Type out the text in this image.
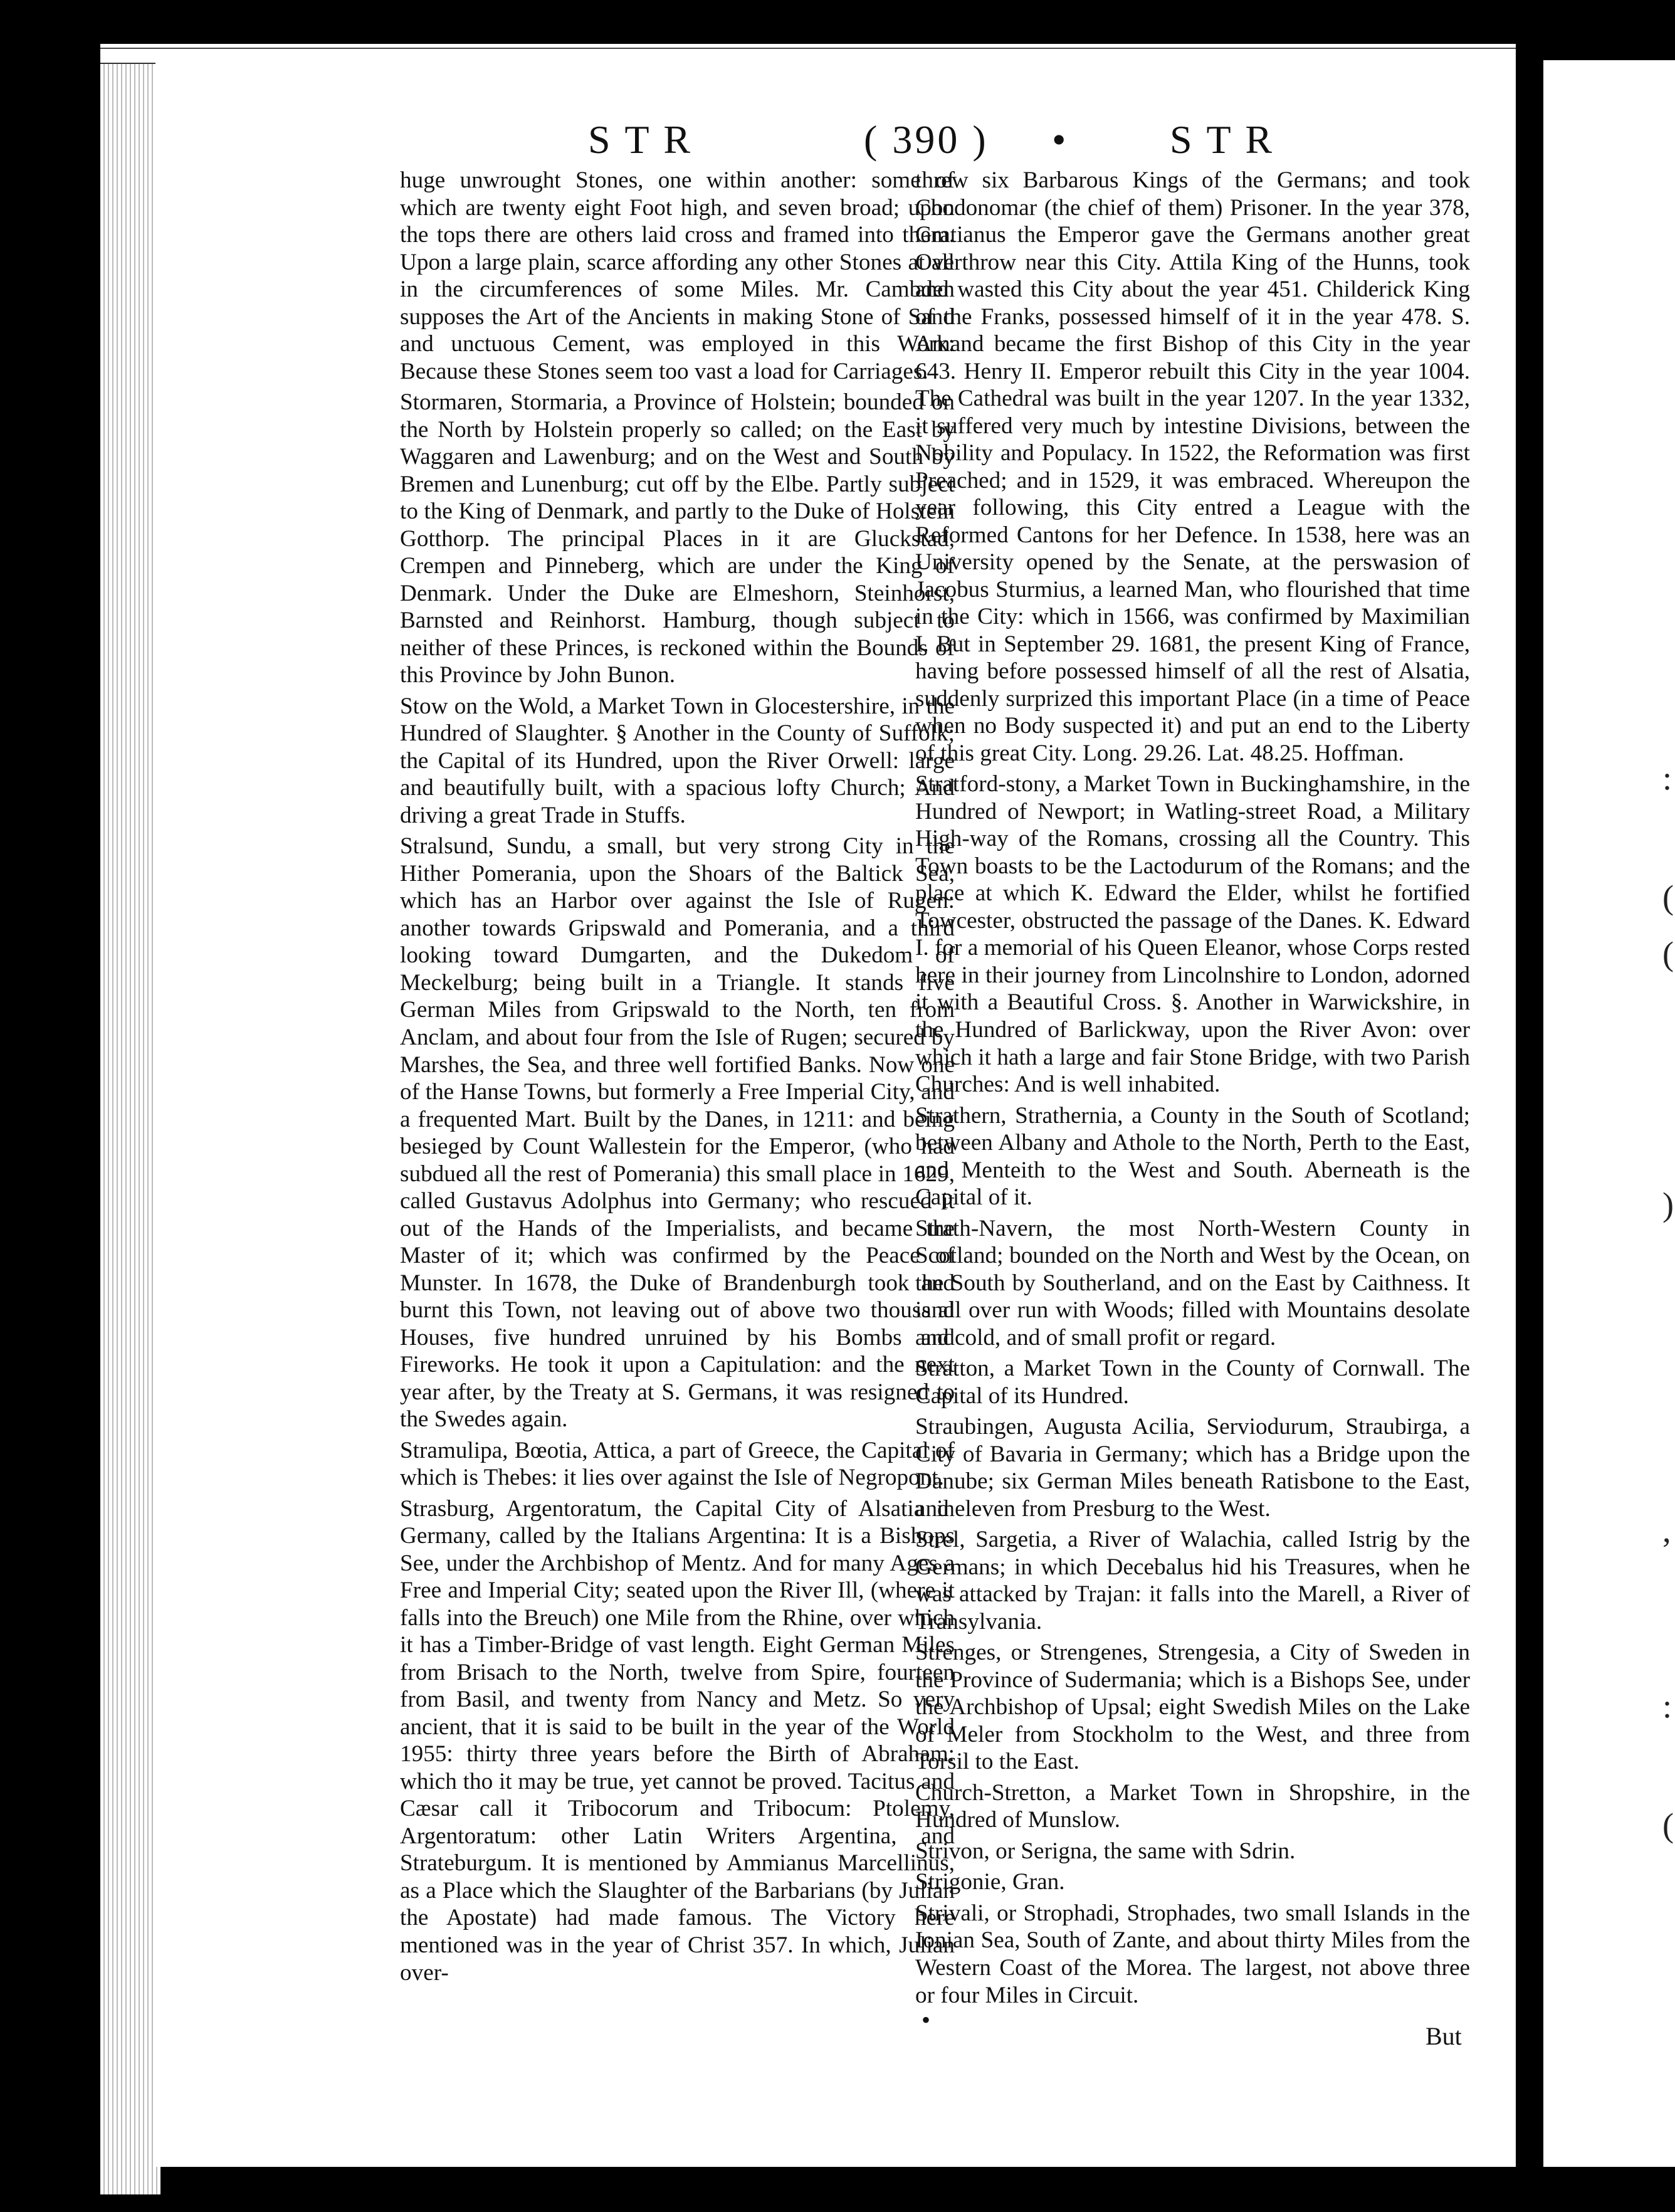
:
(
(
)
,
:
(
S T R	( 390 ) •	S T R

huge unwrought Stones, one within another: some of which are twenty eight Foot high, and seven broad; upon the tops there are others laid cross and framed into them. Upon a large plain, scarce affording any other Stones at all in the circumferences of some Miles. Mr. Cambden supposes the Art of the Ancients in making Stone of Sand and unctuous Cement, was employed in this Work: Because these Stones seem too vast a load for Carriages.

Stormaren, Stormaria, a Province of Holstein; bounded on the North by Holstein properly so called; on the East by Waggaren and Lawenburg; and on the West and South by Bremen and Lunenburg; cut off by the Elbe. Partly subject to the King of Denmark, and partly to the Duke of Holstein Gotthorp. The principal Places in it are Gluckstad, Crempen and Pinneberg, which are under the King of Denmark. Under the Duke are Elmeshorn, Steinhorst, Barnsted and Reinhorst. Hamburg, though subject to neither of these Princes, is reckoned within the Bounds of this Province by John Bunon.

Stow on the Wold, a Market Town in Glocestershire, in the Hundred of Slaughter. § Another in the County of Suffolk; the Capital of its Hundred, upon the River Orwell: large and beautifully built, with a spacious lofty Church; And driving a great Trade in Stuffs.

Stralsund, Sundu, a small, but very strong City in the Hither Pomerania, upon the Shoars of the Baltick Sea, which has an Harbor over against the Isle of Rugen: another towards Gripswald and Pomerania, and a third looking toward Dumgarten, and the Dukedom of Meckelburg; being built in a Triangle. It stands five German Miles from Gripswald to the North, ten from Anclam, and about four from the Isle of Rugen; secured by Marshes, the Sea, and three well fortified Banks. Now one of the Hanse Towns, but formerly a Free Imperial City, and a frequented Mart. Built by the Danes, in 1211: and being besieged by Count Wallestein for the Emperor, (who had subdued all the rest of Pomerania) this small place in 1629, called Gustavus Adolphus into Germany; who rescued it out of the Hands of the Imperialists, and became the Master of it; which was confirmed by the Peace of Munster. In 1678, the Duke of Brandenburgh took and burnt this Town, not leaving out of above two thousand Houses, five hundred unruined by his Bombs and Fireworks. He took it upon a Capitulation: and the next year after, by the Treaty at S. Germans, it was resigned to the Swedes again.

Stramulipa, Bœotia, Attica, a part of Greece, the Capital of which is Thebes: it lies over against the Isle of Negropont.

Strasburg, Argentoratum, the Capital City of Alsatia in Germany, called by the Italians Argentina: It is a Bishops See, under the Archbishop of Mentz. And for many Ages a Free and Imperial City; seated upon the River Ill, (where it falls into the Breuch) one Mile from the Rhine, over which it has a Timber-Bridge of vast length. Eight German Miles from Brisach to the North, twelve from Spire, fourteen from Basil, and twenty from Nancy and Metz. So very ancient, that it is said to be built in the year of the World 1955: thirty three years before the Birth of Abraham: which tho it may be true, yet cannot be proved. Tacitus and Cæsar call it Tribocorum and Tribocum: Ptolemy, Argentoratum: other Latin Writers Argentina, and Strateburgum. It is mentioned by Ammianus Marcellinus, as a Place which the Slaughter of the Barbarians (by Julian the Apostate) had made famous. The Victory here mentioned was in the year of Christ 357. In which, Julian over-

threw six Barbarous Kings of the Germans; and took Chodonomar (the chief of them) Prisoner. In the year 378, Gratianus the Emperor gave the Germans another great Overthrow near this City. Attila King of the Hunns, took and wasted this City about the year 451. Childerick King of the Franks, possessed himself of it in the year 478. S. Amand became the first Bishop of this City in the year 643. Henry II. Emperor rebuilt this City in the year 1004. The Cathedral was built in the year 1207. In the year 1332, it suffered very much by intestine Divisions, between the Nobility and Populacy. In 1522, the Reformation was first Preached; and in 1529, it was embraced. Whereupon the year following, this City entred a League with the Reformed Cantons for her Defence. In 1538, here was an University opened by the Senate, at the perswasion of Jacobus Sturmius, a learned Man, who flourished that time in the City: which in 1566, was confirmed by Maximilian I. But in September 29. 1681, the present King of France, having before possessed himself of all the rest of Alsatia, suddenly surprized this important Place (in a time of Peace when no Body suspected it) and put an end to the Liberty of this great City. Long. 29.26. Lat. 48.25. Hoffman.

Stratford-stony, a Market Town in Buckinghamshire, in the Hundred of Newport; in Watling-street Road, a Military High-way of the Romans, crossing all the Country. This Town boasts to be the Lactodurum of the Romans; and the place at which K. Edward the Elder, whilst he fortified Towcester, obstructed the passage of the Danes. K. Edward I. for a memorial of his Queen Eleanor, whose Corps rested here in their journey from Lincolnshire to London, adorned it with a Beautiful Cross. §. Another in Warwickshire, in the Hundred of Barlickway, upon the River Avon: over which it hath a large and fair Stone Bridge, with two Parish Churches: And is well inhabited.

Strathern, Strathernia, a County in the South of Scotland; between Albany and Athole to the North, Perth to the East, and Menteith to the West and South. Aberneath is the Capital of it.

Strath-Navern, the most North-Western County in Scotland; bounded on the North and West by the Ocean, on the South by Southerland, and on the East by Caithness. It is all over run with Woods; filled with Mountains desolate and cold, and of small profit or regard.

Stratton, a Market Town in the County of Cornwall. The Capital of its Hundred.

Straubingen, Augusta Acilia, Serviodurum, Straubirga, a City of Bavaria in Germany; which has a Bridge upon the Danube; six German Miles beneath Ratisbone to the East, and eleven from Presburg to the West.

Strel, Sargetia, a River of Walachia, called Istrig by the Germans; in which Decebalus hid his Treasures, when he was attacked by Trajan: it falls into the Marell, a River of Transylvania.

Strenges, or Strengenes, Strengesia, a City of Sweden in the Province of Sudermania; which is a Bishops See, under the Archbishop of Upsal; eight Swedish Miles on the Lake of Meler from Stockholm to the West, and three from Torsil to the East.

Church-Stretton, a Market Town in Shropshire, in the Hundred of Munslow.

Strivon, or Serigna, the same with Sdrin.

Strigonie, Gran.

Strivali, or Strophadi, Strophades, two small Islands in the Ionian Sea, South of Zante, and about thirty Miles from the Western Coast of the Morea. The largest, not above three or four Miles in Circuit.

•
But
